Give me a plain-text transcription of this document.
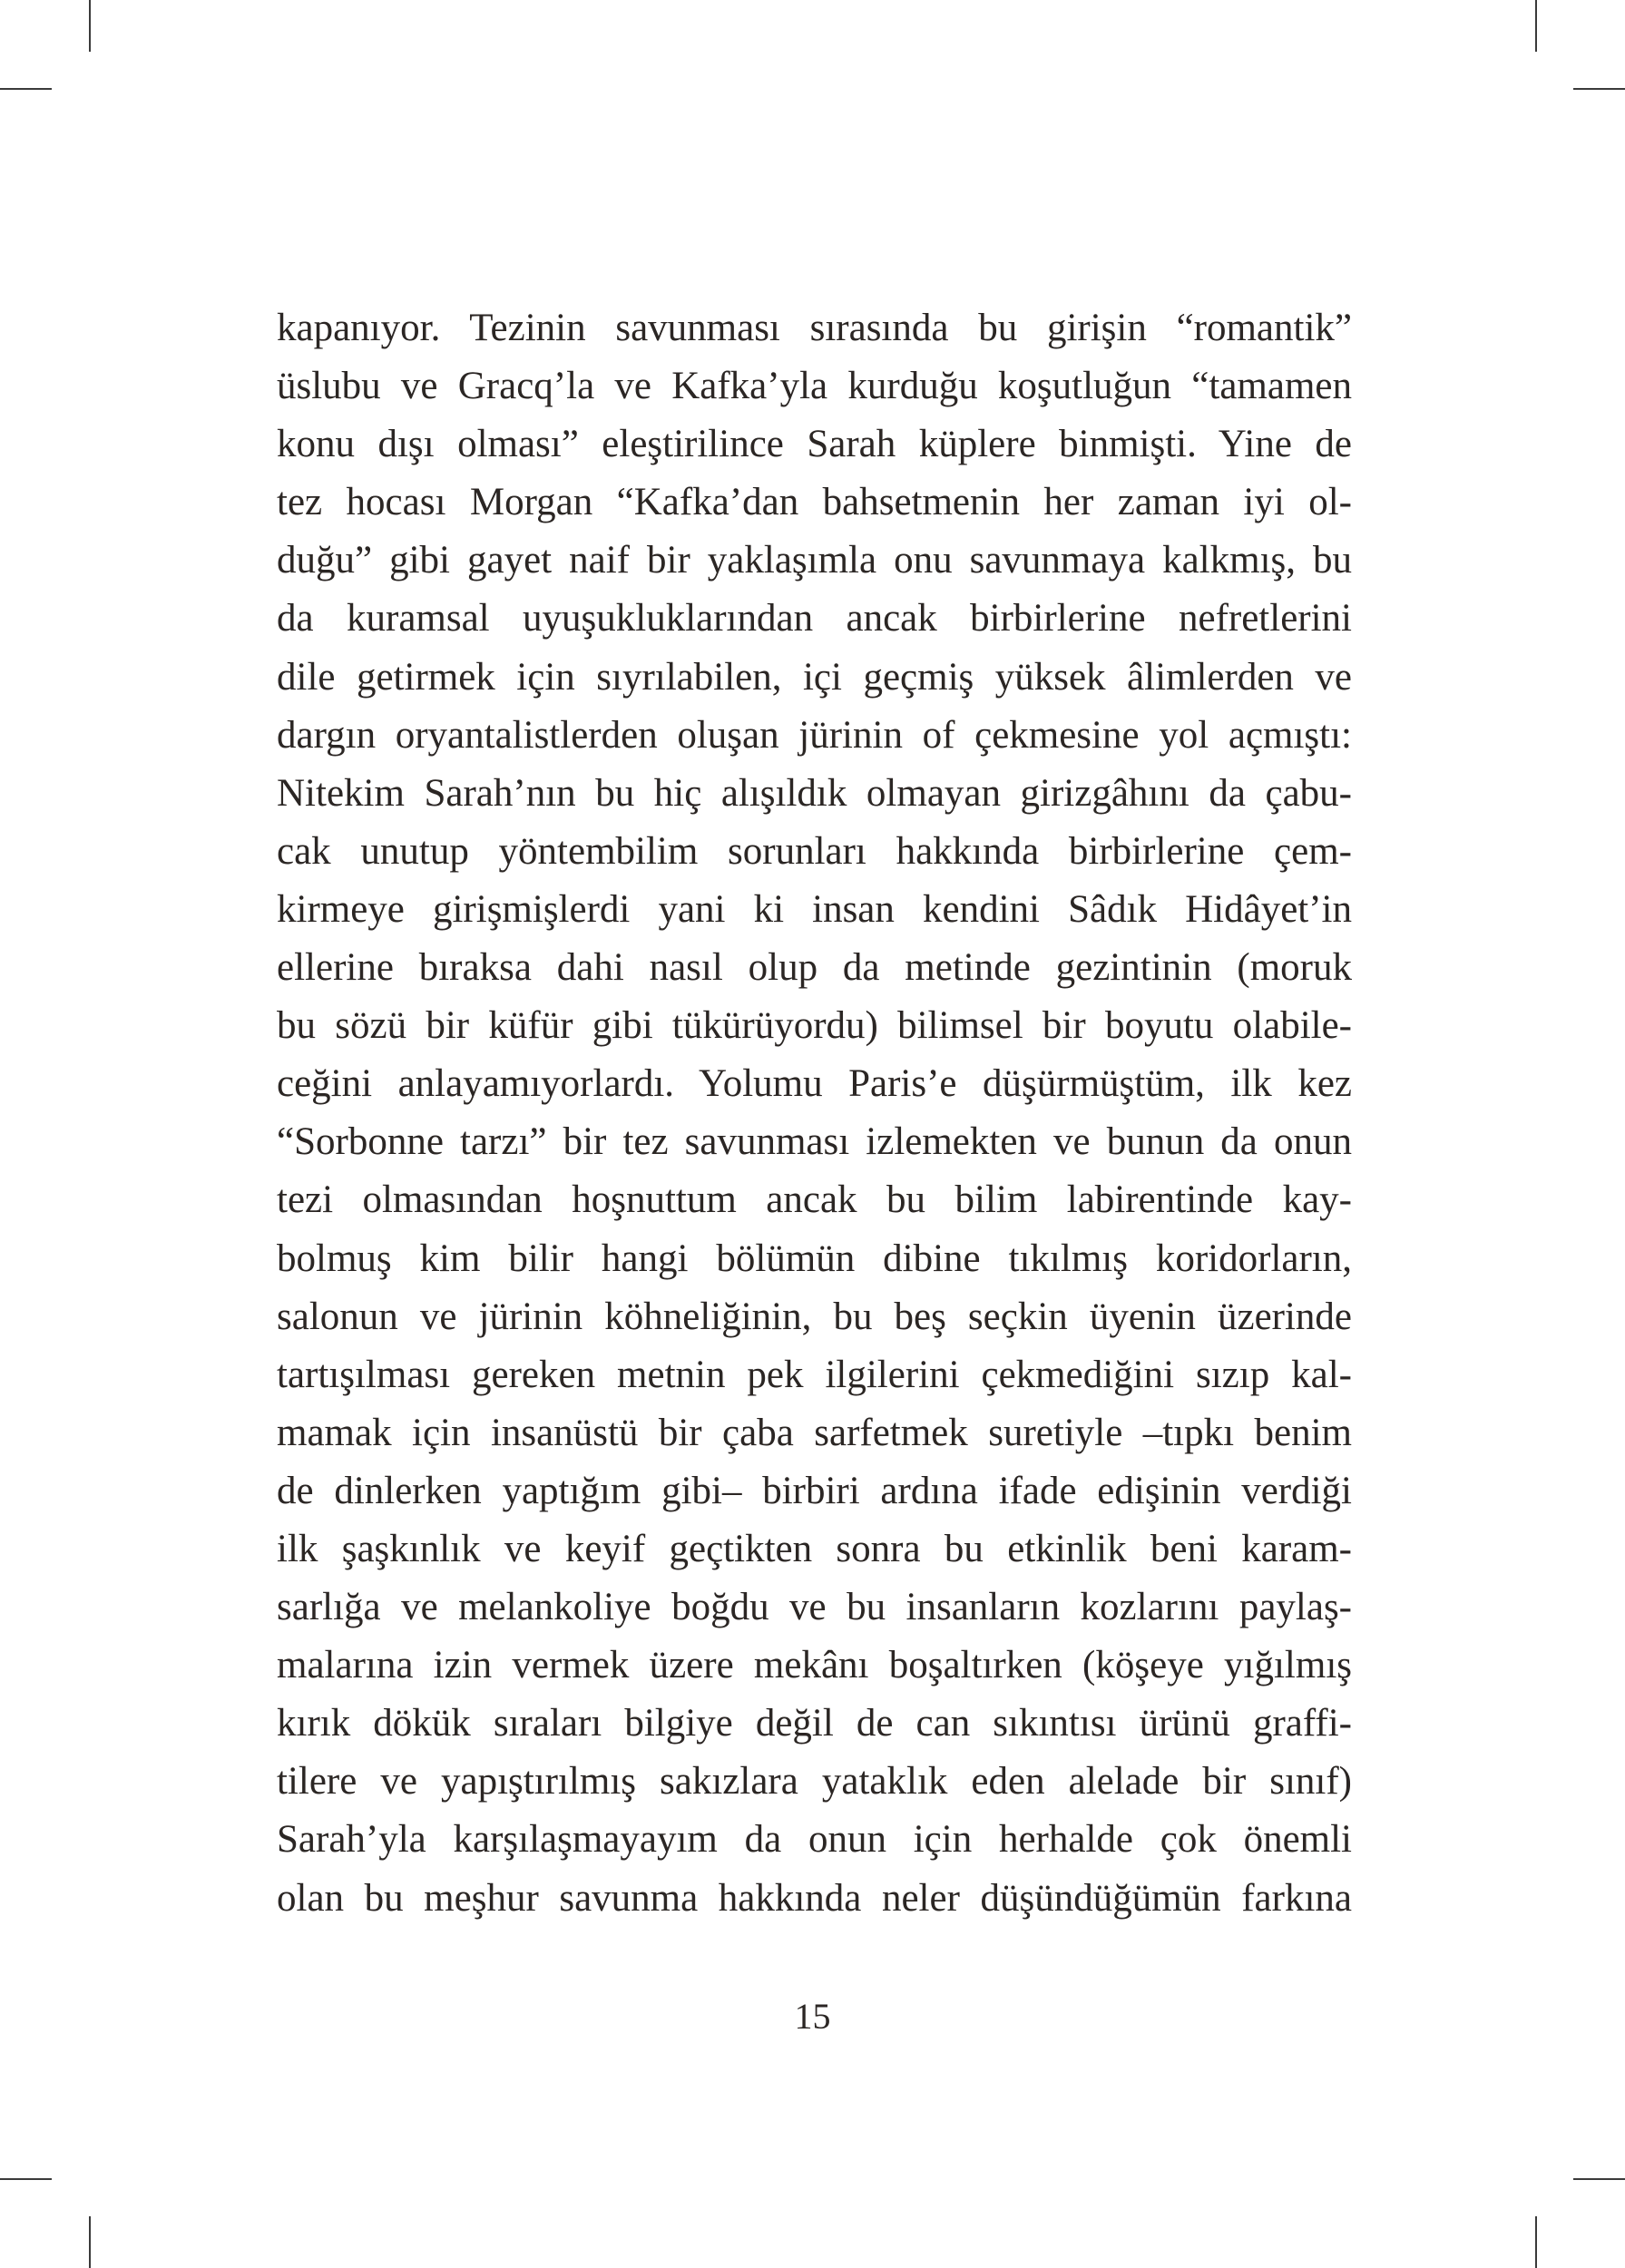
kapanıyor. Tezinin savunması sırasında bu girişin “romantik”
üslubu ve Gracq’la ve Kafka’yla kurduğu koşutluğun “tamamen
konu dışı olması” eleştirilince Sarah küplere binmişti. Yine de
tez hocası Morgan “Kafka’dan bahsetmenin her zaman iyi ol-
duğu” gibi gayet naif bir yaklaşımla onu savunmaya kalkmış, bu
da kuramsal uyuşukluklarından ancak birbirlerine nefretlerini
dile getirmek için sıyrılabilen, içi geçmiş yüksek âlimlerden ve
dargın oryantalistlerden oluşan jürinin of çekmesine yol açmıştı:
Nitekim Sarah’nın bu hiç alışıldık olmayan girizgâhını da çabu-
cak unutup yöntembilim sorunları hakkında birbirlerine çem-
kirmeye girişmişlerdi yani ki insan kendini Sâdık Hidâyet’in
ellerine bıraksa dahi nasıl olup da metinde gezintinin (moruk
bu sözü bir küfür gibi tükürüyordu) bilimsel bir boyutu olabile-
ceğini anlayamıyorlardı. Yolumu Paris’e düşürmüştüm, ilk kez
“Sorbonne tarzı” bir tez savunması izlemekten ve bunun da onun
tezi olmasından hoşnuttum ancak bu bilim labirentinde kay-
bolmuş kim bilir hangi bölümün dibine tıkılmış koridorların,
salonun ve jürinin köhneliğinin, bu beş seçkin üyenin üzerinde
tartışılması gereken metnin pek ilgilerini çekmediğini sızıp kal-
mamak için insanüstü bir çaba sarfetmek suretiyle –tıpkı benim
de dinlerken yaptığım gibi– birbiri ardına ifade edişinin verdiği
ilk şaşkınlık ve keyif geçtikten sonra bu etkinlik beni karam-
sarlığa ve melankoliye boğdu ve bu insanların kozlarını paylaş-
malarına izin vermek üzere mekânı boşaltırken (köşeye yığılmış
kırık dökük sıraları bilgiye değil de can sıkıntısı ürünü graffi-
tilere ve yapıştırılmış sakızlara yataklık eden alelade bir sınıf)
Sarah’yla karşılaşmayayım da onun için herhalde çok önemli
olan bu meşhur savunma hakkında neler düşündüğümün farkına
15
